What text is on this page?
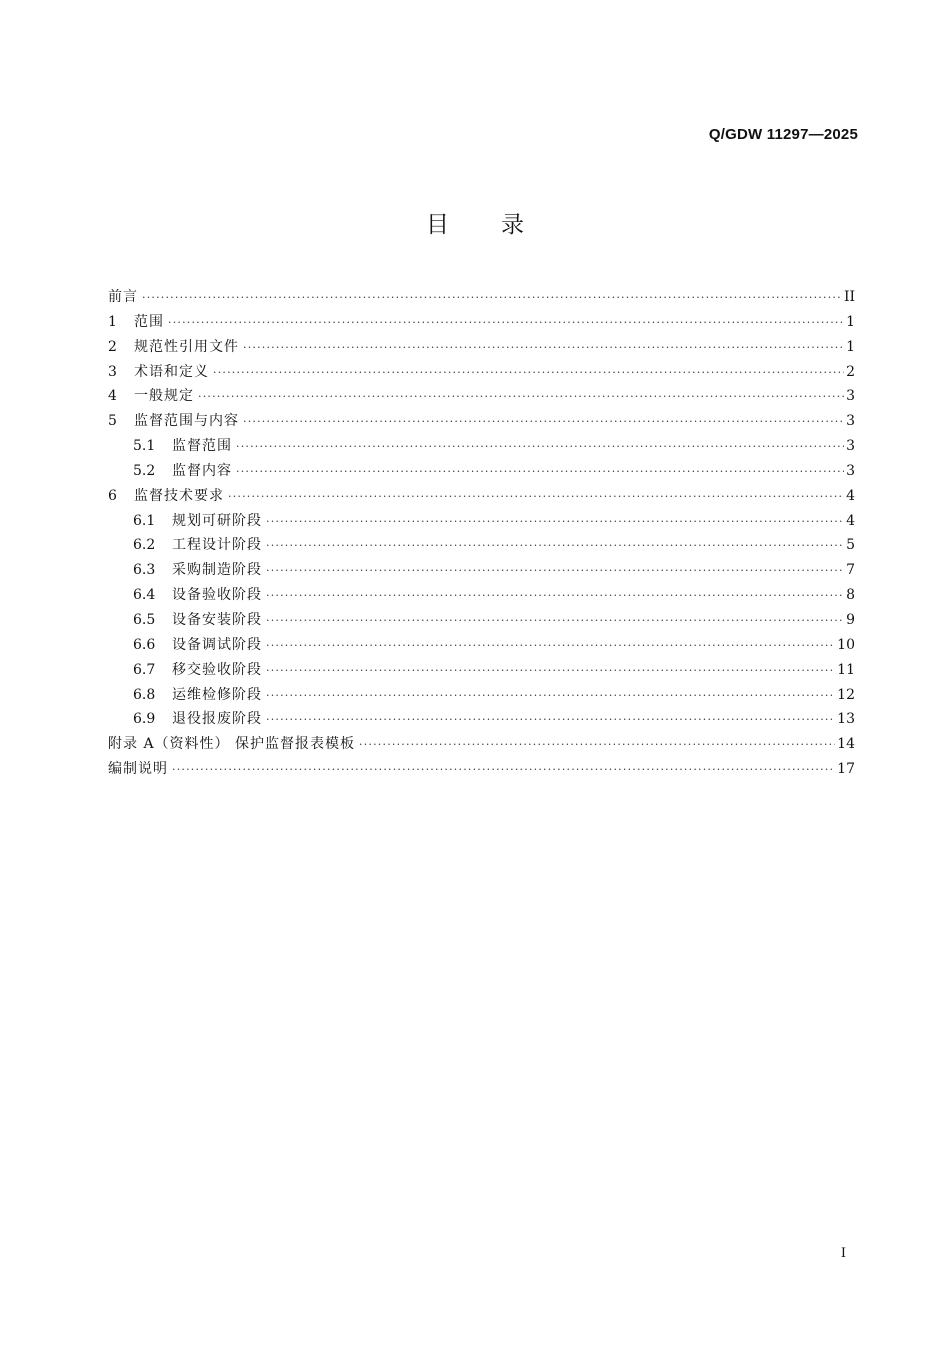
Q/GDW 11297—2025
目录
前言 ·····	II
1	范围 ·····	1
2	规范性引用文件 ·····	1
3	术语和定义 ·····	2
4	一般规定 ·····	3
5	监督范围与内容 ·····	3
5.1	监督范围 ·····	3
5.2	监督内容 ·····	3
6	监督技术要求 ·····	4
6.1	规划可研阶段 ·····	4
6.2	工程设计阶段 ·····	5
6.3	采购制造阶段 ·····	7
6.4	设备验收阶段 ·····	8
6.5	设备安装阶段 ·····	9
6.6	设备调试阶段 ·····	10
6.7	移交验收阶段 ·····	11
6.8	运维检修阶段 ·····	12
6.9	退役报废阶段 ·····	13
附录 A（资料性） 保护监督报表模板 ·····	14
编制说明 ·····	17
I
